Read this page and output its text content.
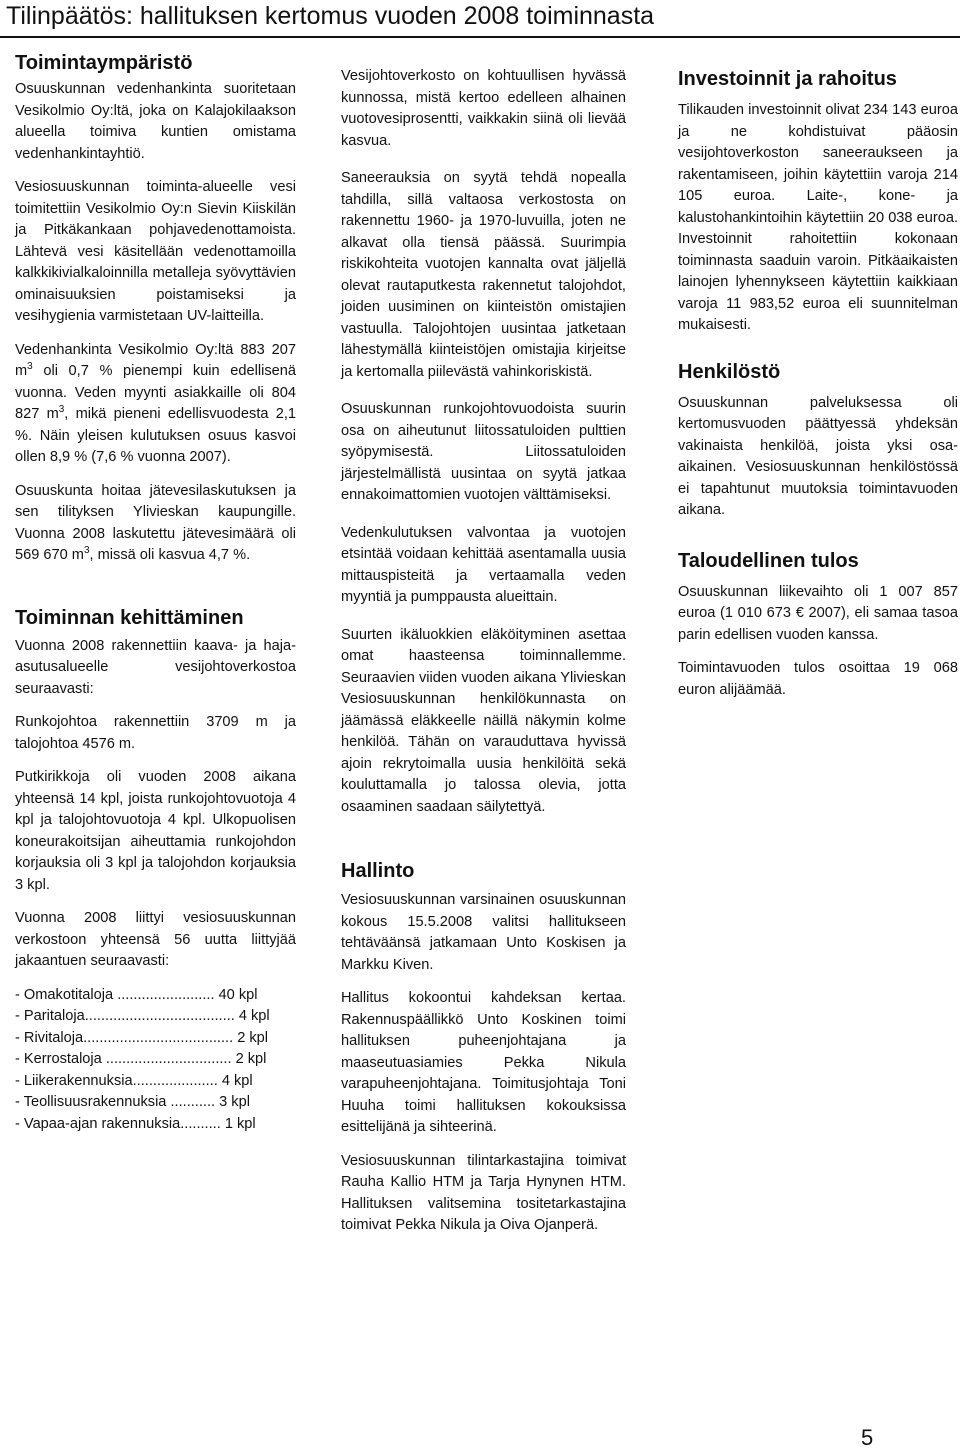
Tilinpäätös: hallituksen kertomus vuoden 2008 toiminnasta
Toimintaympäristö

Osuuskunnan vedenhankinta suoritetaan Vesikolmio Oy:ltä, joka on Kalajokilaakson alueella toimiva kuntien omistama vedenhankintayhtiö.

Vesiosuuskunnan toiminta-alueelle vesi toimitettiin Vesikolmio Oy:n Sievin Kiiskilän ja Pitkäkankaan pohjavedenottamoista. Lähtevä vesi käsitellään vedenottamoilla kalkkikivialkaloinnilla metalleja syövyttävien ominaisuuksien poistamiseksi ja vesihygienia varmistetaan UV-laitteilla.

Vedenhankinta Vesikolmio Oy:ltä 883 207 $m^3$ oli 0,7 % pienempi kuin edellisenä vuonna. Veden myynti asiakkaille oli 804 827 $m^3$, mikä pieneni edellisvuodesta 2,1 %. Näin yleisen kulutuksen osuus kasvoi ollen 8,9 % (7,6 % vuonna 2007).

Osuuskunta hoitaa jätevesilaskutuksen ja sen tilityksen Ylivieskan kaupungille. Vuonna 2008 laskutettu jätevesimäärä oli 569 670 $m^3$, missä oli kasvua 4,7 %.

Toiminnan kehittäminen

Vuonna 2008 rakennettiin kaava- ja haja-asutusalueelle vesijohtoverkostoa seuraavasti:

Runkojohtoa rakennettiin 3709 m ja talojohtoa 4576 m.

Putkirikkoja oli vuoden 2008 aikana yhteensä 14 kpl, joista runkojohtovuotoja 4 kpl ja talojohtovuotoja 4 kpl. Ulkopuolisen koneurakoitsijan aiheuttamia runkojohdon korjauksia oli 3 kpl ja talojohdon korjauksia 3 kpl.

Vuonna 2008 liittyi vesiosuuskunnan verkostoon yhteensä 56 uutta liittyjää jakaantuen seuraavasti:

- Omakotitaloja ........................ 40 kpl
- Paritaloja..................................... 4 kpl
- Rivitaloja..................................... 2 kpl
- Kerrostaloja ............................... 2 kpl
- Liikerakennuksia..................... 4 kpl
- Teollisuusrakennuksia ........... 3 kpl
- Vapaa-ajan rakennuksia.......... 1 kpl

Vesijohtoverkosto on kohtuullisen hyvässä kunnossa, mistä kertoo edelleen alhainen vuotovesiprosentti, vaikkakin siinä oli lievää kasvua.

Saneerauksia on syytä tehdä nopealla tahdilla, sillä valtaosa verkostosta on rakennettu 1960- ja 1970-luvuilla, joten ne alkavat olla tiensä päässä. Suurimpia riskikohteita vuotojen kannalta ovat jäljellä olevat rautaputkesta rakennetut talojohdot, joiden uusiminen on kiinteistön omistajien vastuulla. Talojohtojen uusintaa jatketaan lähestymällä kiinteistöjen omistajia kirjeitse ja kertomalla piilevästä vahinkoriskistä.

Osuuskunnan runkojohtovuodoista suurin osa on aiheutunut liitossatuloiden pulttien syöpymisestä. Liitossatuloiden järjestelmällistä uusintaa on syytä jatkaa ennakoimattomien vuotojen välttämiseksi.

Vedenkulutuksen valvontaa ja vuotojen etsintää voidaan kehittää asentamalla uusia mittauspisteitä ja vertaamalla veden myyntiä ja pumppausta alueittain.

Suurten ikäluokkien eläköityminen asettaa omat haasteensa toiminnallemme. Seuraavien viiden vuoden aikana Ylivieskan Vesiosuuskunnan henkilökunnasta on jäämässä eläkkeelle näillä näkymin kolme henkilöä. Tähän on varauduttava hyvissä ajoin rekrytoimalla uusia henkilöitä sekä kouluttamalla jo talossa olevia, jotta osaaminen saadaan säilytettyä.

Hallinto

Vesiosuuskunnan varsinainen osuuskunnan kokous 15.5.2008 valitsi hallitukseen tehtäväänsä jatkamaan Unto Koskisen ja Markku Kiven.

Hallitus kokoontui kahdeksan kertaa. Rakennuspäällikkö Unto Koskinen toimi hallituksen puheenjohtajana ja maaseutuasiamies Pekka Nikula varapuheenjohtajana. Toimitusjohtaja Toni Huuha toimi hallituksen kokouksissa esittelijänä ja sihteerinä.

Vesiosuuskunnan tilintarkastajina toimivat Rauha Kallio HTM ja Tarja Hynynen HTM. Hallituksen valitsemina tositetarkastajina toimivat Pekka Nikula ja Oiva Ojanperä.

Investoinnit ja rahoitus

Tilikauden investoinnit olivat 234 143 euroa ja ne kohdistuivat pääosin vesijohtoverkoston saneeraukseen ja rakentamiseen, joihin käytettiin varoja 214 105 euroa. Laite-, kone- ja kalustohankintoihin käytettiin 20 038 euroa. Investoinnit rahoitettiin kokonaan toiminnasta saaduin varoin. Pitkäaikaisten lainojen lyhennykseen käytettiin kaikkiaan varoja 11 983,52 euroa eli suunnitelman mukaisesti.

Henkilöstö

Osuuskunnan palveluksessa oli kertomusvuoden päättyessä yhdeksän vakinaista henkilöä, joista yksi osa-aikainen. Vesiosuuskunnan henkilöstössä ei tapahtunut muutoksia toimintavuoden aikana.

Taloudellinen tulos

Osuuskunnan liikevaihto oli 1 007 857 euroa (1 010 673 € 2007), eli samaa tasoa parin edellisen vuoden kanssa.

Toimintavuoden tulos osoittaa 19 068 euron alijäämää.

5
